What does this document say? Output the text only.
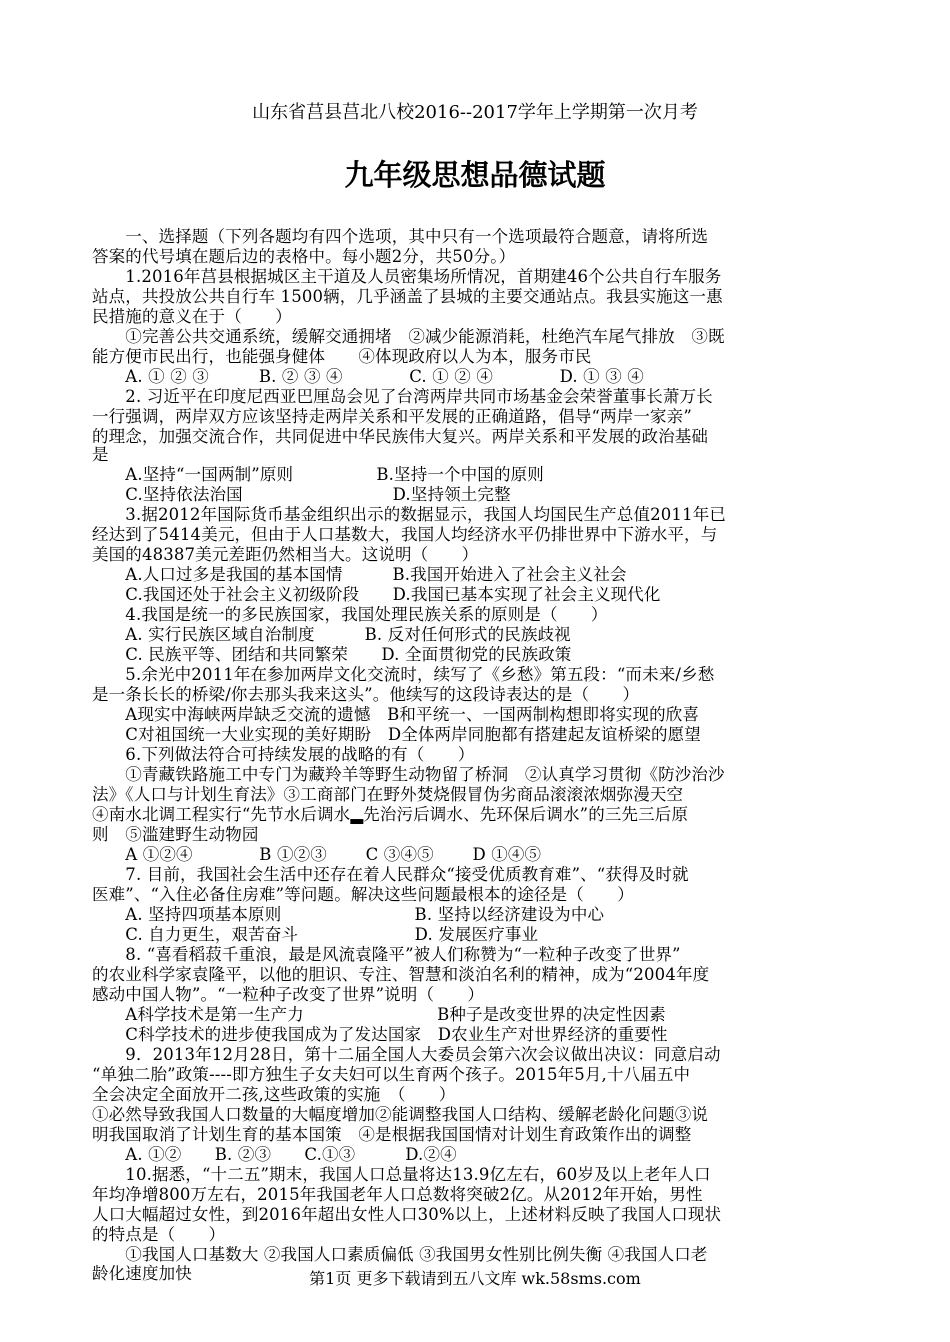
山东省莒县莒北八校2016--2017学年上学期第一次月考
九年级思想品德试题
　　一、选择题（下列各题均有四个选项，其中只有一个选项最符合题意，请将所选
答案的代号填在题后边的表格中。每小题2分，共50分。）
　　1.2016年莒县根据城区主干道及人员密集场所情况，首期建46个公共自行车服务
站点，共投放公共自行车 1500辆，几乎涵盖了县城的主要交通站点。我县实施这一惠
民措施的意义在于（　　）
　　①完善公共交通系统，缓解交通拥堵　②减少能源消耗，杜绝汽车尾气排放　③既
能方便市民出行，也能强身健体　　④体现政府以人为本，服务市民
　　A. ① ② ③　　　B. ② ③ ④　　　　C. ① ② ④　　　　D. ① ③ ④
　　2. 习近平在印度尼西亚巴厘岛会见了台湾两岸共同市场基金会荣誉董事长萧万长
一行强调，两岸双方应该坚持走两岸关系和平发展的正确道路，倡导“两岸一家亲”
的理念，加强交流合作，共同促进中华民族伟大复兴。两岸关系和平发展的政治基础
是
　　A.坚持“一国两制”原则　　　　　B.坚持一个中国的原则
　　C.坚持依法治国　　　　　　　　　D.坚持领土完整
　　3.据2012年国际货币基金组织出示的数据显示，我国人均国民生产总值2011年已
经达到了5414美元，但由于人口基数大，我国人均经济水平仍排世界中下游水平，与
美国的48387美元差距仍然相当大。这说明（　　）
　　A.人口过多是我国的基本国情　　　B.我国开始进入了社会主义社会
　　C.我国还处于社会主义初级阶段　　D.我国已基本实现了社会主义现代化
　　4.我国是统一的多民族国家，我国处理民族关系的原则是（　　）
　　A. 实行民族区域自治制度　　　B. 反对任何形式的民族歧视
　　C. 民族平等、团结和共同繁荣　　D. 全面贯彻党的民族政策
　　5.余光中2011年在参加两岸文化交流时，续写了《乡愁》第五段：“而未来/乡愁
是一条长长的桥梁/你去那头我来这头”。他续写的这段诗表达的是（　　）
　　A现实中海峡两岸缺乏交流的遗憾　B和平统一、一国两制构想即将实现的欣喜
　　C对祖国统一大业实现的美好期盼　D全体两岸同胞都有搭建起友谊桥梁的愿望
　　6.下列做法符合可持续发展的战略的有（　　）
　　①青藏铁路施工中专门为藏羚羊等野生动物留了桥洞　②认真学习贯彻《防沙治沙
法》《人口与计划生育法》③工商部门在野外焚烧假冒伪劣商品滚滚浓烟弥漫天空
④南水北调工程实行“先节水后调水▂先治污后调水、先环保后调水”的三先三后原
则　⑤滥建野生动物园
　　A ①②④　　　　B ①②③　　 C ③④⑤　　 D ①④⑤
　　7. 目前，我国社会生活中还存在着人民群众“接受优质教育难”、“获得及时就
医难”、“入住必备住房难”等问题。解决这些问题最根本的途径是（　　）
　　A. 坚持四项基本原则　　　　　　　　B. 坚持以经济建设为中心
　　C. 自力更生，艰苦奋斗　　　　　　　D. 发展医疗事业
　　8. “喜看稻菽千重浪，最是风流袁隆平”被人们称赞为“一粒种子改变了世界”
的农业科学家袁隆平，以他的胆识、专注、智慧和淡泊名利的精神，成为“2004年度
感动中国人物”。“一粒种子改变了世界”说明（　　）
　　A科学技术是第一生产力　　　　　　　　B种子是改变世界的决定性因素
　　C科学技术的进步使我国成为了发达国家　D农业生产对世界经济的重要性
　　9．2013年12月28日，第十二届全国人大委员会第六次会议做出决议：同意启动
“单独二胎”政策----即方独生子女夫妇可以生育两个孩子。2015年5月,十八届五中
全会决定全面放开二孩,这些政策的实施　（　　）
①必然导致我国人口数量的大幅度增加②能调整我国人口结构、缓解老龄化问题③说
明我国取消了计划生育的基本国策　④是根据我国国情对计划生育政策作出的调整
　　A. ①②　　B. ②③　　C.①③　　　D.②④
　　10.据悉，“十二五”期末，我国人口总量将达13.9亿左右，60岁及以上老年人口
年均净增800万左右，2015年我国老年人口总数将突破2亿。从2012年开始，男性
人口大幅超过女性，到2016年超出女性人口30%以上，上述材料反映了我国人口现状
的特点是（　　）
　　①我国人口基数大 ②我国人口素质偏低 ③我国男女性别比例失衡 ④我国人口老
龄化速度加快	第1页 更多下载请到五八文库 wk.58sms.com
